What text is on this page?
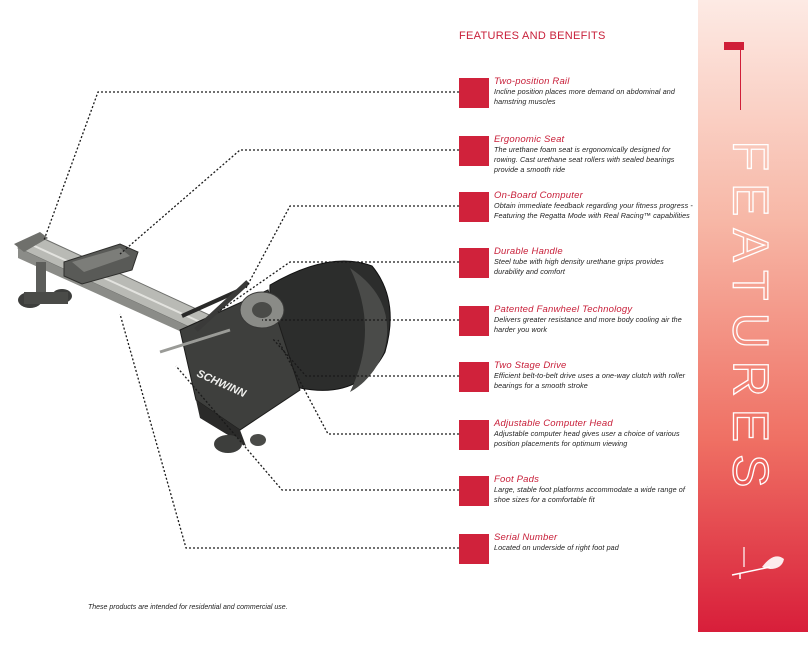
FEATURES AND BENEFITS
FEATURES
SCHWINN
Two-position Rail
Incline position places more demand on abdominal and hamstring muscles
Ergonomic Seat
The urethane foam seat is ergonomically designed for rowing. Cast urethane seat rollers with sealed bearings provide a smooth ride
On-Board Computer
Obtain immediate feedback regarding your fitness progress - Featuring the Regatta Mode with Real Racing™ capabilities
Durable Handle
Steel tube with high density urethane grips provides durability and comfort
Patented Fanwheel Technology
Delivers greater resistance and more body cooling air the harder you work
Two Stage Drive
Efficient belt-to-belt drive uses a one-way clutch with roller bearings for a smooth stroke
Adjustable Computer Head
Adjustable computer head gives user a choice of various position placements for optimum viewing
Foot Pads
Large, stable foot platforms accommodate a wide range of shoe sizes for a comfortable fit
Serial Number
Located on underside of right foot pad
These products are intended for residential and commercial use.
